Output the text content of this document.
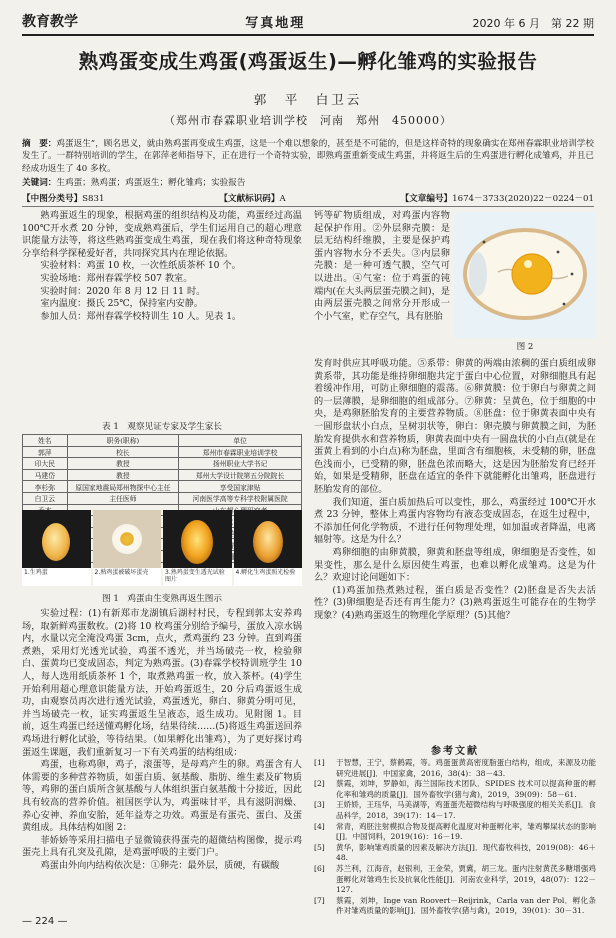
教育教学	写真地理	2020 年 6 月　第 22 期
熟鸡蛋变成生鸡蛋(鸡蛋返生)—孵化雏鸡的实验报告
郭　平　白卫云
（郑州市春霖职业培训学校　河南　郑州　450000）
摘　要：鸡蛋返生”，顾名思义，就由熟鸡蛋再变成生鸡蛋，这是一个难以想象的，甚至是不可能的，但是这样奇特的现象确实在郑州春霖职业培训学校发生了。一群特别培训的学生，在郭萍老师指导下，正在进行一个奇特实验，即熟鸡蛋重新变成生鸡蛋，并将返生后的生鸡蛋进行孵化成雏鸡，并且已经成功返生了 40 多枚。
关键词：生鸡蛋；熟鸡蛋；鸡蛋返生；孵化雏鸡；实验报告
【中图分类号】S831	【文献标识码】A	【文章编号】1674－3733(2020)22－0224－01

熟鸡蛋返生的现象，根据鸡蛋的组织结构及功能，鸡蛋经过高温 100℃开水煮 20 分钟，变成熟鸡蛋后，学生们运用自己的超心理意识能量方法等，将这些熟鸡蛋变成生鸡蛋，现在我们将这种奇特现象分享给科学探秘爱好者，共同探究其内在理论依据。

实验材料：鸡蛋 10 枚，一次性纸质茶杯 10 个。

实验场地：郑州春霖学校 507 教室。

实验时间：2020 年 8 月 12 日 11 时。

室内温度：摄氏 25℃，保持室内安静。

参加人员：郑州春霖学校特训生 10 人。见表 1。

表 1　观察见证专家及学生家长
姓名	职务(职称)	单位
郭萍	校长	郑州市春霖职业培训学校
印大民	教授	扬州职业大学书记
马建岱	教授	郑州大学设计院第五分院院长
李杉弥	原国家地震局郑州物探中心主任	享受国家津贴
白卫云	主任医师	河南医学高等专科学校附属医院

1.生鸡蛋	2.熟鸡蛋被破坏蛋壳	3.熟鸡蛋变生透光试验图片
4.孵化生鸡蛋照光检验
图 1　鸡蛋由生变熟再返生图示

实验过程：(1)有新郑市龙湖镇后湖村村民，专程到郭太安养鸡场，取新鲜鸡蛋数枚。(2)将 10 枚鸡蛋分别给予编号，蛋放入凉水锅内，水量以完全淹没鸡蛋 3cm，点火，煮鸡蛋约 23 分钟。直到鸡蛋煮熟，采用灯光透光试验，鸡蛋不透光，并当场破壳一枚，检验卵白、蛋黄均已变成固态，判定为熟鸡蛋。(3)春霖学校特训班学生 10 人，每人选用纸质茶杯 1 个，取煮熟鸡蛋一枚，放入茶杯。(4)学生开始利用超心理意识能量方法，开始鸡蛋返生，20 分后鸡蛋返生成功，由观察员再次进行透光试验，鸡蛋透光，卵白、卵黄分明可见，并当场破壳一枚，证实鸡蛋返生呈液态，返生成功。见附图 1。目前，返生鸡蛋已经送懂鸡孵化场，结果待续……(5)将返生鸡蛋送回养鸡场进行孵化试验，等待结果。（如果孵化出雏鸡），为了更好探讨鸡蛋返生课题，我们重新复习一下有关鸡蛋的结构组成：

鸡蛋，也称鸡卵，鸡子，滚蛋等，是母鸡产生的卵。鸡蛋含有人体需要的多种营养物质，如蛋白质、氨基酸、脂肪、维生素及矿物质等，鸡卵的蛋白质所含氨基酸与人体组织蛋白氨基酸十分接近，因此具有较高的营养价值。祖国医学认为，鸡蛋味甘平，具有滋阴润燥、养心安神、养血安胎，延年益寿之功效。鸡蛋是有蛋壳、蛋白、及蛋黄组成。具体结构如图 2：

菲娇娇等采用扫描电子显微镜获得蛋壳的超微结构图像，提示鸡蛋壳上具有孔突及孔隙，是鸡蛋呼吸的主要门户。

鸡蛋由外向内结构依次是：①卵壳：最外层，质硬，有碳酸

钙等矿物质组成，对鸡蛋内容物起保护作用。②外层卵壳膜：是层无结构纤维膜，主要是保护鸡蛋内容物水分不丢失。③内层卵壳膜：是一种可透气膜，空气可以进出。④气室：位于鸡蛋的钝端内(在大头两层蛋壳膜之间)，是由两层蛋壳膜之间常分开形成一个小气室，贮存空气，具有胚胎

图 2

发育时供应其呼吸功能。⑤系带：卵黄的两端由浓稠的蛋白质组成卵黄系带，其功能是维持卵细胞共定于蛋白中心位置，对卵细胞具有起着缓冲作用，可防止卵细胞的震荡。⑥卵黄膜：位于卵白与卵黄之间的一层薄膜，是卵细胞的组成部分。⑦卵黄：呈黄色，位于细胞的中央，是鸡卵胚胎发育的主要营养物质。⑧胚盘：位于卵黄表面中央有一圆形盘状小白点，呈树羽状等，卵白：卵壳膜与卵黄膜之间，为胚胎发育提供水和营养物质，卵黄表面中央有一圆盘状的小白点(就是在蛋黄上看到的小白点)称为胚盘，里面含有细胞核，未受精的卵，胚盘色浅而小，已受精的卵，胚盘色浓而略大，这是因为胚胎发育已经开始，如果是受精卵，胚盘在适宜的条件下就能孵化出雏鸡，胚盘进行胚胎发育的部位。

我们知道，蛋白质加热后可以变性，那么，鸡蛋经过 100℃开水煮 23 分钟，整体上鸡蛋内容物均有液态变成固态，在返生过程中，不添加任何化学物质，不进行任何物理处理，如加温或者降温，电离辐射等。这是为什么？

鸡卵细胞的由卵黄膜，卵黄和胚盘等组成，卵细胞是否变性，如果变性，那么是什么原因使生鸡蛋，也难以孵化成雏鸡。这是为什么？欢迎讨论问题如下：

(1)鸡蛋加热煮熟过程，蛋白质是否变性？(2)胚盘是否失去活性？(3)卵细胞是否还有再生能力？(3)熟鸡蛋返生可能存在的生物学现象？(4)熟鸡蛋返生的物理化学原理？(5)其他？

参考文献
[1]	于智慧，王宁，蔡鹤霞，等。鸡蛋蛋黄高密度脂蛋白结构，组成，来源及功能研究进展[J]．中国家禽，2016，38(4)：38－43.
[2]	蔡霞，刘坤，罗静如，海兰国际技术团队．SPIDES 技术可以提高种蛋的孵化率和雏鸡的质量[J]．国外畜牧学(猪与禽)，2019，39(09)：58－61.
[3]	王娇娇，王珏华，马美湖等，鸡蛋蛋壳超微结构与呼吸强度的相关关系[J]．食品科学，2018，39(17)：14－17.
[4]	常青，鸡胚注射模拟合物及提高孵化温度对种蛋孵化率，雏鸡攀屎状态的影响[J]．中国饲料，2019(16)：16－19.
[5]	黄华，影响雏鸡质量的因素及解决方法[J]．现代畜牧科技，2019(08)：46＋48.
[6]	苏兰利，江海音，赵银利，王金荣，贾冀，胡三龙。蛋内注射黄芪多糖增强鸡蛋孵化对雏鸡生长及抗氧化性能[J]．河南农业科学，2019，48(07)：122－127.
[7]	蔡霞，刘坤，Inge van Roovert－Reijrink，Carla van der Pol．孵化条件对雏鸡质量的影响[J]．国外畜牧学(猪与禽)，2019，39(01)：30－31.
— 224 —
